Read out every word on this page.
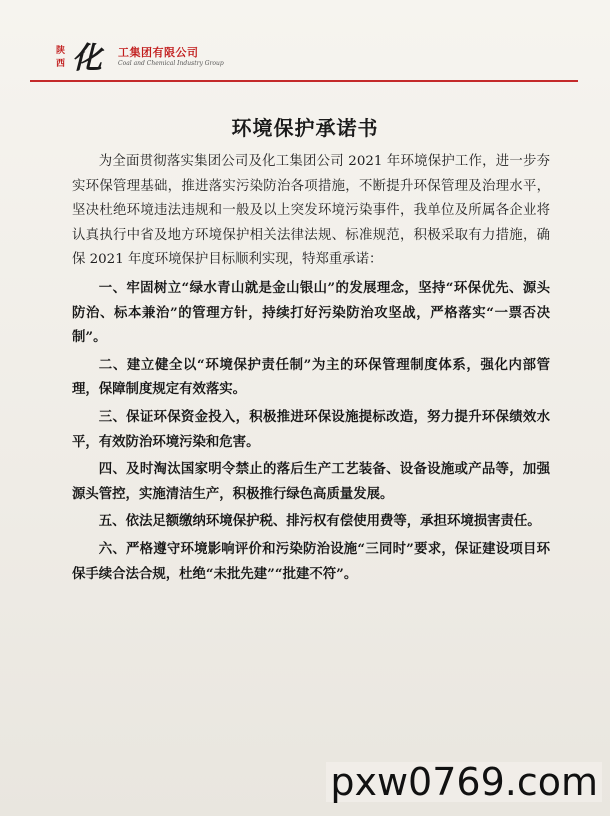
陕
西 化 工集团有限公司
Coal and Chemical Industry Group
环境保护承诺书

为全面贯彻落实集团公司及化工集团公司 2021 年环境保护工作，进一步夯实环保管理基础，推进落实污染防治各项措施，不断提升环保管理及治理水平，坚决杜绝环境违法违规和一般及以上突发环境污染事件，我单位及所属各企业将认真执行中省及地方环境保护相关法律法规、标准规范，积极采取有力措施，确保 2021 年度环境保护目标顺利实现，特郑重承诺：

一、牢固树立“绿水青山就是金山银山”的发展理念，坚持“环保优先、源头防治、标本兼治”的管理方针，持续打好污染防治攻坚战，严格落实“一票否决制”。

二、建立健全以“环境保护责任制”为主的环保管理制度体系，强化内部管理，保障制度规定有效落实。

三、保证环保资金投入，积极推进环保设施提标改造，努力提升环保绩效水平，有效防治环境污染和危害。

四、及时淘汰国家明令禁止的落后生产工艺装备、设备设施或产品等，加强源头管控，实施清洁生产，积极推行绿色高质量发展。

五、依法足额缴纳环境保护税、排污权有偿使用费等，承担环境损害责任。

六、严格遵守环境影响评价和污染防治设施“三同时”要求，保证建设项目环保手续合法合规，杜绝“未批先建”“批建不符”。

pxw0769.com
